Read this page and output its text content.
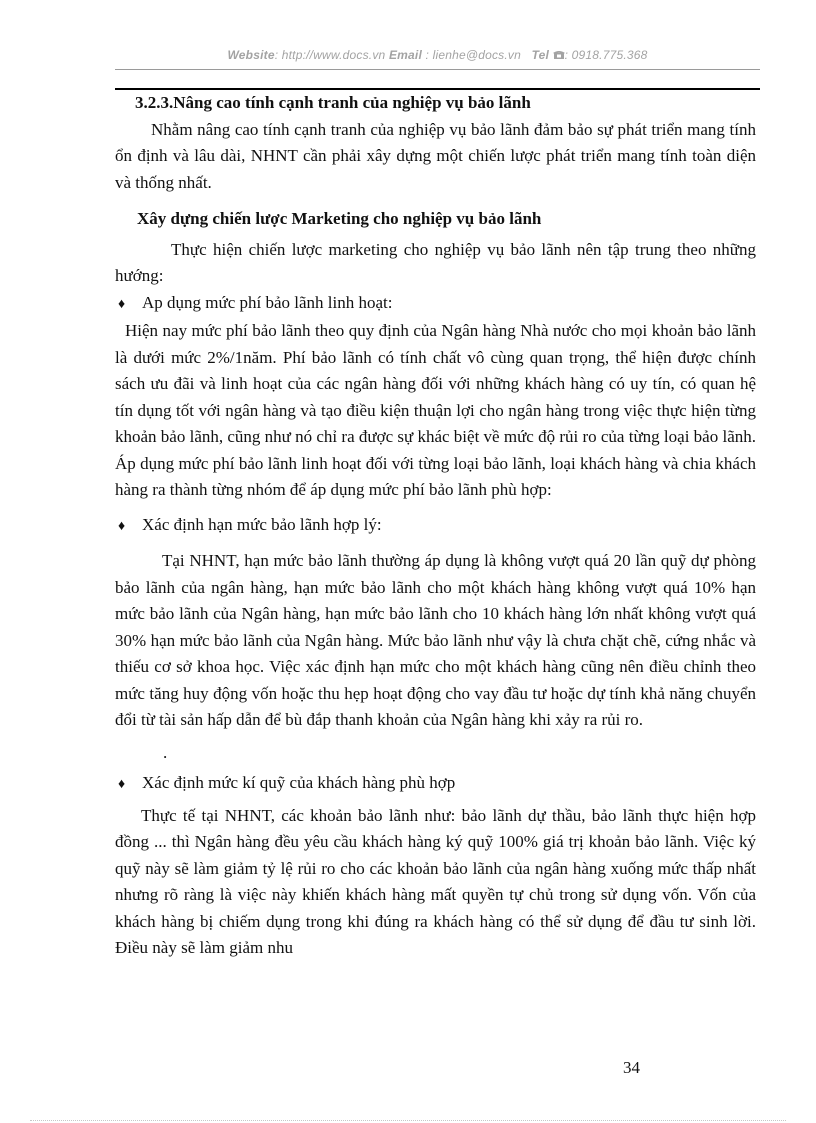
Website: http://www.docs.vn Email : lienhe@docs.vn Tel : 0918.775.368

3.2.3.Nâng cao tính cạnh tranh của nghiệp vụ bảo lãnh

Nhằm nâng cao tính cạnh tranh của nghiệp vụ bảo lãnh đảm bảo sự phát triển mang tính ổn định và lâu dài, NHNT cần phải xây dựng một chiến lược phát triển mang tính toàn diện và thống nhất.

Xây dựng chiến lược Marketing cho nghiệp vụ bảo lãnh

Thực hiện chiến lược marketing cho nghiệp vụ bảo lãnh nên tập trung theo những hướng:

♦ Ap dụng mức phí bảo lãnh linh hoạt:

Hiện nay mức phí bảo lãnh theo quy định của Ngân hàng Nhà nước cho mọi khoản bảo lãnh là dưới mức 2%/1năm. Phí bảo lãnh có tính chất vô cùng quan trọng, thể hiện được chính sách ưu đãi và linh hoạt của các ngân hàng đối với những khách hàng có uy tín, có quan hệ tín dụng tốt với ngân hàng và tạo điều kiện thuận lợi cho ngân hàng trong việc thực hiện từng khoản bảo lãnh, cũng như nó chỉ ra được sự khác biệt về mức độ rủi ro của từng loại bảo lãnh. Áp dụng mức phí bảo lãnh linh hoạt đối với từng loại bảo lãnh, loại khách hàng và chia khách hàng ra thành từng nhóm để áp dụng mức phí bảo lãnh phù hợp:

♦ Xác định hạn mức bảo lãnh hợp lý:

Tại NHNT, hạn mức bảo lãnh thường áp dụng là không vượt quá 20 lần quỹ dự phòng bảo lãnh của ngân hàng, hạn mức bảo lãnh cho một khách hàng không vượt quá 10% hạn mức bảo lãnh của Ngân hàng, hạn mức bảo lãnh cho 10 khách hàng lớn nhất không vượt quá 30% hạn mức bảo lãnh của Ngân hàng. Mức bảo lãnh như vậy là chưa chặt chẽ, cứng nhắc và thiếu cơ sở khoa học. Việc xác định hạn mức cho một khách hàng cũng nên điều chỉnh theo mức tăng huy động vốn hoặc thu hẹp hoạt động cho vay đầu tư hoặc dự tính khả năng chuyển đổi từ tài sản hấp dẫn để bù đắp thanh khoản của Ngân hàng khi xảy ra rủi ro.

.

♦ Xác định mức kí quỹ của khách hàng phù hợp

Thực tế tại NHNT, các khoản bảo lãnh như: bảo lãnh dự thầu, bảo lãnh thực hiện hợp đồng ... thì Ngân hàng đều yêu cầu khách hàng ký quỹ 100% giá trị khoản bảo lãnh. Việc ký quỹ này sẽ làm giảm tỷ lệ rủi ro cho các khoản bảo lãnh của ngân hàng xuống mức thấp nhất nhưng rõ ràng là việc này khiến khách hàng mất quyền tự chủ trong sử dụng vốn. Vốn của khách hàng bị chiếm dụng trong khi đúng ra khách hàng có thể sử dụng để đầu tư sinh lời. Điều này sẽ làm giảm nhu

34
